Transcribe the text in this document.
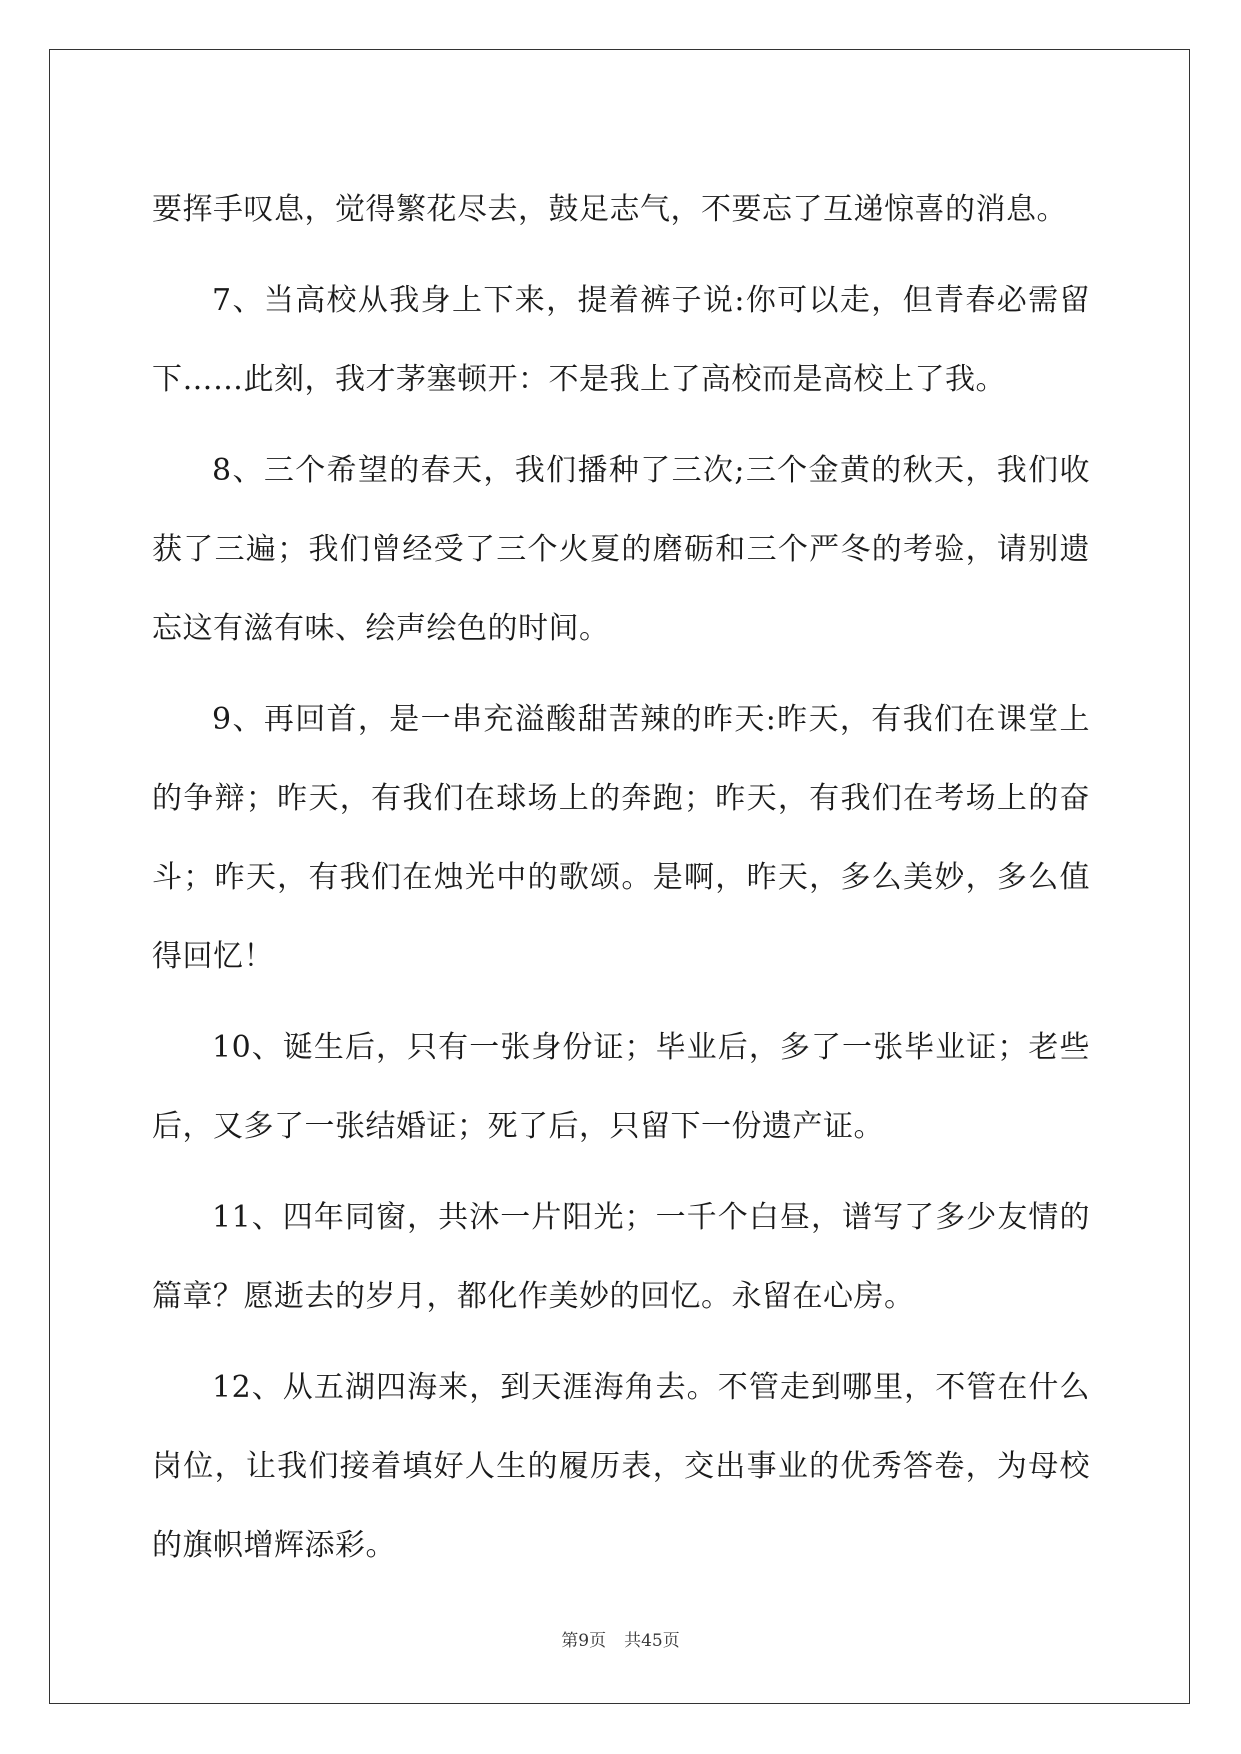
要挥手叹息，觉得繁花尽去，鼓足志气，不要忘了互递惊喜的消息。

7、当高校从我身上下来，提着裤子说:你可以走，但青春必需留下……此刻，我才茅塞顿开：不是我上了高校而是高校上了我。

8、三个希望的春天，我们播种了三次;三个金黄的秋天，我们收获了三遍；我们曾经受了三个火夏的磨砺和三个严冬的考验，请别遗忘这有滋有味、绘声绘色的时间。

9、再回首，是一串充溢酸甜苦辣的昨天:昨天，有我们在课堂上的争辩；昨天，有我们在球场上的奔跑；昨天，有我们在考场上的奋斗；昨天，有我们在烛光中的歌颂。是啊，昨天，多么美妙，多么值得回忆！

10、诞生后，只有一张身份证；毕业后，多了一张毕业证；老些后，又多了一张结婚证；死了后，只留下一份遗产证。

11、四年同窗，共沐一片阳光；一千个白昼，谱写了多少友情的篇章？愿逝去的岁月，都化作美妙的回忆。永留在心房。

12、从五湖四海来，到天涯海角去。不管走到哪里，不管在什么岗位，让我们接着填好人生的履历表，交出事业的优秀答卷，为母校的旗帜增辉添彩。

第9页 共45页
